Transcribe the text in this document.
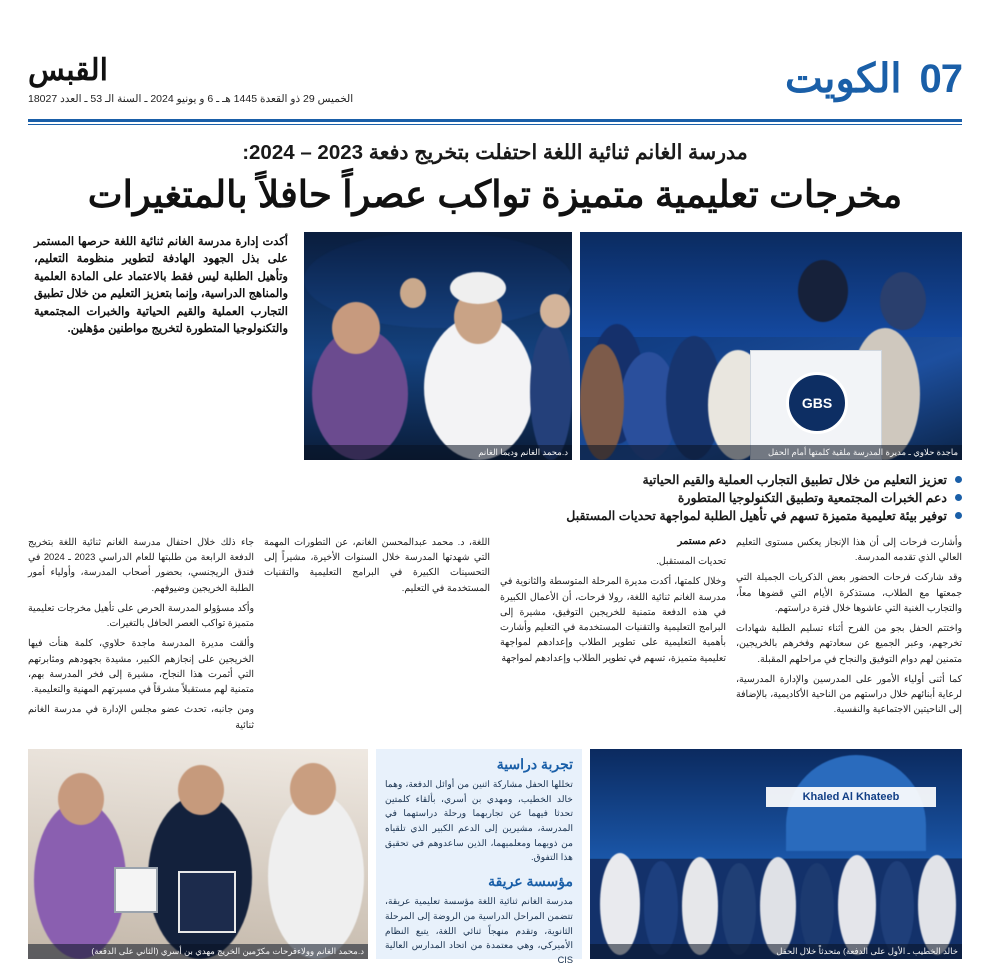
07
الكويت
القبس
الخميس 29 ذو القعدة 1445 هـ ـ 6 و يونيو 2024 ـ السنة الـ 53 ـ العدد 18027
مدرسة الغانم ثنائية اللغة احتفلت بتخريج دفعة 2023 – 2024:
مخرجات تعليمية متميزة تواكب عصراً حافلاً بالمتغيرات
GBS
ماجدة حلاوي ـ مديرة المدرسة ملقية كلمتها أمام الحفل
د.محمد الغانم وديما الغانم
أكدت إدارة مدرسة الغانم ثنائية اللغة حرصها المستمر على بذل الجهود الهادفة لتطوير منظومة التعليم، وتأهيل الطلبة ليس فقط بالاعتماد على المادة العلمية والمناهج الدراسية، وإنما بتعزيز التعليم من خلال تطبيق التجارب العملية والقيم الحياتية والخبرات المجتمعية والتكنولوجيا المتطورة لتخريج مواطنين مؤهلين.
تعزيز التعليم من خلال تطبيق التجارب العملية والقيم الحياتية
دعم الخبرات المجتمعية وتطبيق التكنولوجيا المتطورة
توفير بيئة تعليمية متميزة تسهم في تأهيل الطلبة لمواجهة تحديات المستقبل

وأشارت فرحات إلى أن هذا الإنجاز يعكس مستوى التعليم العالي الذي تقدمه المدرسة.

وقد شاركت فرحات الحضور بعض الذكريات الجميلة التي جمعتها مع الطلاب، مستذكرة الأيام التي قضوها معاً، والتجارب الغنية التي عاشوها خلال فترة دراستهم.

واختتم الحفل بجو من الفرح أثناء تسليم الطلبة شهادات تخرجهم، وعبر الجميع عن سعادتهم وفخرهم بالخريجين، متمنين لهم دوام التوفيق والنجاح في مراحلهم المقبلة.

كما أثنى أولياء الأمور على المدرسين والإدارة المدرسية، لرعاية أبنائهم خلال دراستهم من الناحية الأكاديمية، بالإضافة إلى الناحيتين الاجتماعية والنفسية.

دعم مستمر

تحديات المستقبل.

وخلال كلمتها، أكدت مديرة المرحلة المتوسطة والثانوية في مدرسة الغانم ثنائية اللغة، رولا فرحات، أن الأعمال الكبيرة في هذه الدفعة متمنية للخريجين التوفيق، مشيرة إلى البرامج التعليمية والتقنيات المستخدمة في التعليم وأشارت بأهمية التعليمية على تطوير الطلاب وإعدادهم لمواجهة تعليمية متميزة، تسهم في تطوير الطلاب وإعدادهم لمواجهة

اللغة، د. محمد عبدالمحسن الغانم، عن التطورات المهمة التي شهدتها المدرسة خلال السنوات الأخيرة، مشيراً إلى التحسينات الكبيرة في البرامج التعليمية والتقنيات المستخدمة في التعليم.

جاء ذلك خلال احتفال مدرسة الغانم ثنائية اللغة بتخريج الدفعة الرابعة من طلبتها للعام الدراسي 2023 ـ 2024 في فندق الريجنسي، بحضور أصحاب المدرسة، وأولياء أمور الطلبة الخريجين وضيوفهم.

وأكد مسؤولو المدرسة الحرص على تأهيل مخرجات تعليمية متميزة تواكب العصر الحافل بالتغيرات.

وألقت مديرة المدرسة ماجدة حلاوي، كلمة هنأت فيها الخريجين على إنجازهم الكبير، مشيدة بجهودهم ومثابرتهم التي أثمرت هذا النجاح، مشيرة إلى فخر المدرسة بهم، متمنية لهم مستقبلاً مشرقاً في مسيرتهم المهنية والتعليمية.

ومن جانبه، تحدث عضو مجلس الإدارة في مدرسة الغانم ثنائية

Khaled Al Khateeb
خالد الخطيب ـ الأول على الدفعة) متحدثاً خلال الحفل
تجربة دراسية

تخللها الحفل مشاركة اثنين من أوائل الدفعة، وهما خالد الخطيب، ومهدي بن أسري، بألقاء كلمتين تحدثا فيهما عن تجاربهما ورحلة دراستهما في المدرسة، مشيرين إلى الدعم الكبير الذي تلقياه من ذويهما ومعلميهما، الذين ساعدوهم في تحقيق هذا التفوق.

مؤسسة عريقة

مدرسة الغانم ثنائية اللغة مؤسسة تعليمية عريقة، تتضمن المراحل الدراسية من الروضة إلى المرحلة الثانوية، وتقدم منهجاً ثنائي اللغة، يتبع النظام الأميركي، وهي معتمدة من اتحاد المدارس العالية CIS

د.محمد الغانم وولاءفرحات مكرّمين الخريج مهدي بن أسري (الثاني على الدفعة)
